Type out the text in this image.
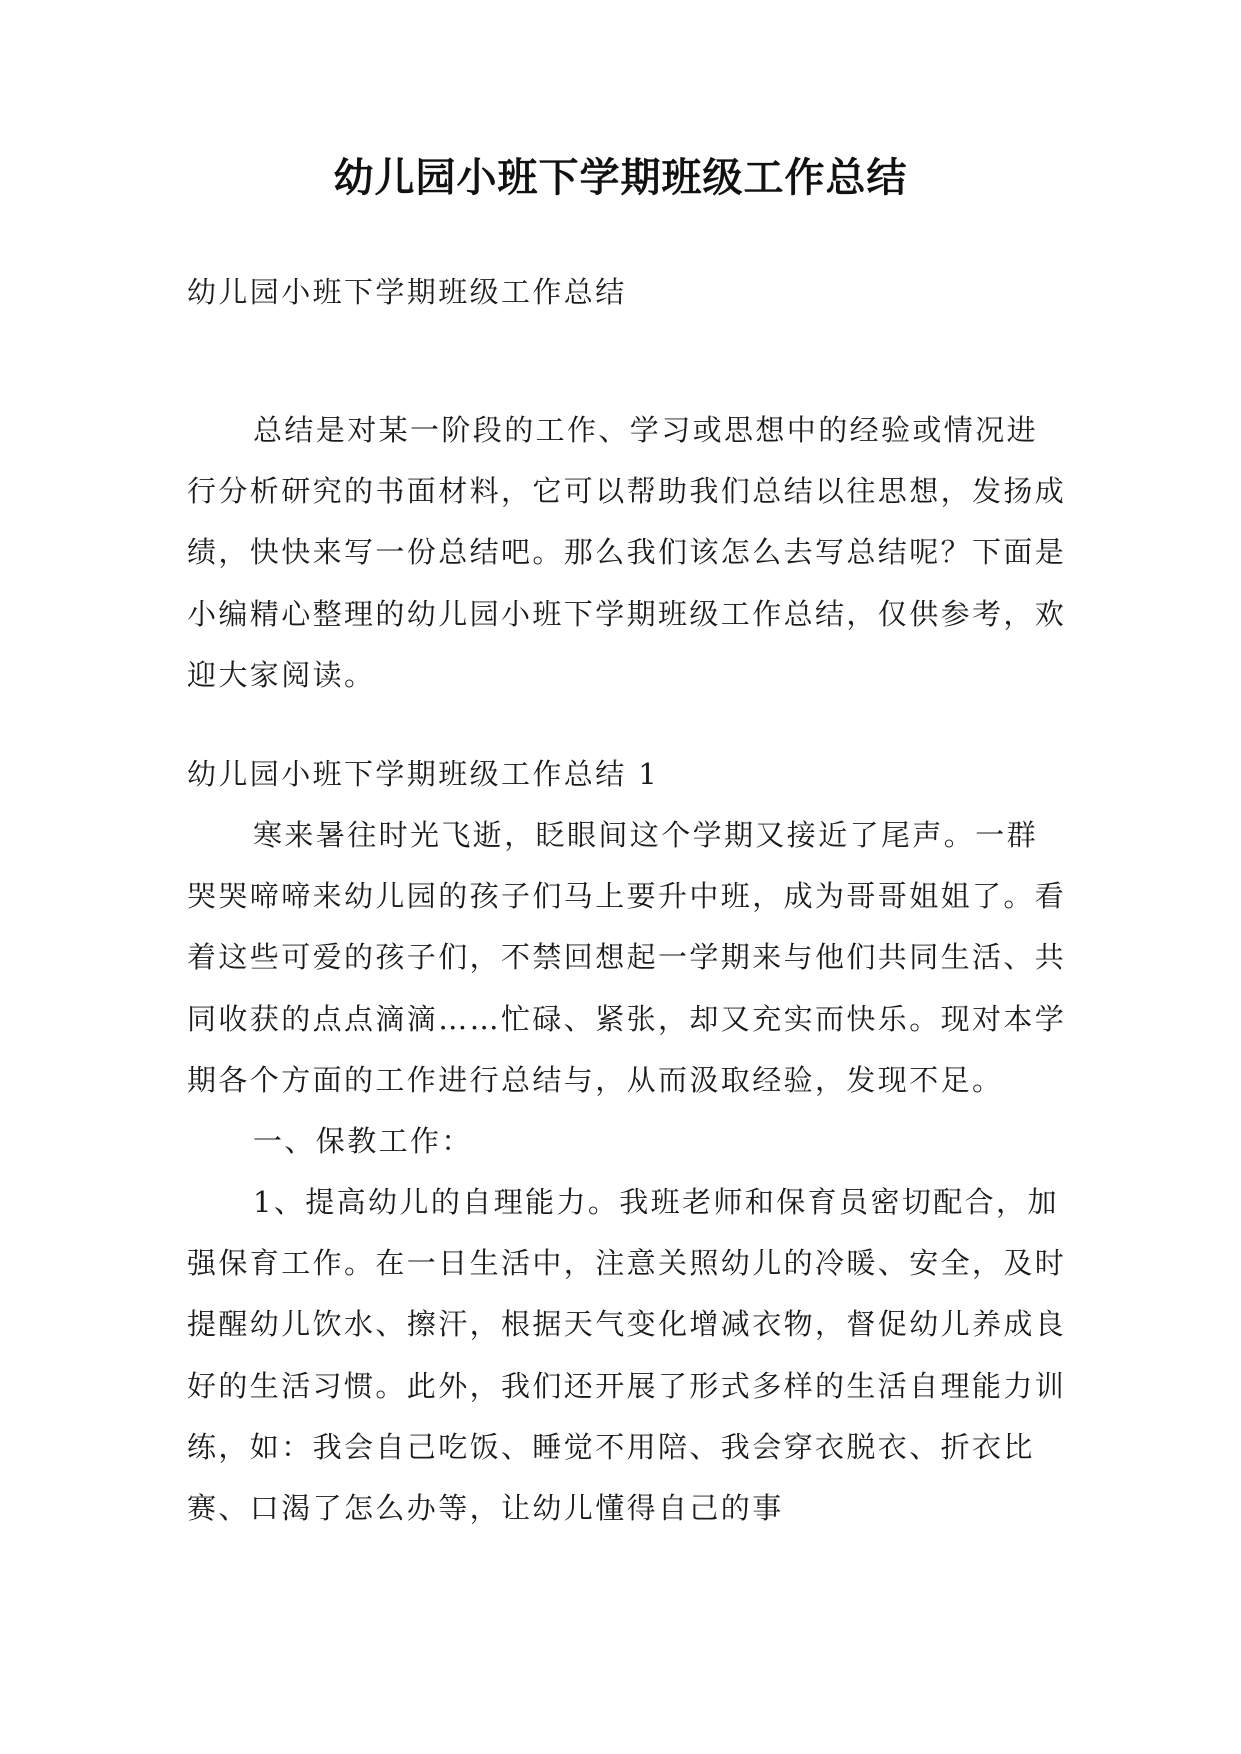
幼儿园小班下学期班级工作总结

幼儿园小班下学期班级工作总结

总结是对某一阶段的工作、学习或思想中的经验或情况进行分析研究的书面材料，它可以帮助我们总结以往思想，发扬成绩，快快来写一份总结吧。那么我们该怎么去写总结呢？下面是小编精心整理的幼儿园小班下学期班级工作总结，仅供参考，欢迎大家阅读。

幼儿园小班下学期班级工作总结 1

寒来暑往时光飞逝，眨眼间这个学期又接近了尾声。一群哭哭啼啼来幼儿园的孩子们马上要升中班，成为哥哥姐姐了。看着这些可爱的孩子们，不禁回想起一学期来与他们共同生活、共同收获的点点滴滴……忙碌、紧张，却又充实而快乐。现对本学期各个方面的工作进行总结与，从而汲取经验，发现不足。

一、保教工作：

1、提高幼儿的自理能力。我班老师和保育员密切配合，加强保育工作。在一日生活中，注意关照幼儿的冷暖、安全，及时提醒幼儿饮水、擦汗，根据天气变化增减衣物，督促幼儿养成良好的生活习惯。此外，我们还开展了形式多样的生活自理能力训练，如：我会自己吃饭、睡觉不用陪、我会穿衣脱衣、折衣比赛、口渴了怎么办等，让幼儿懂得自己的事
